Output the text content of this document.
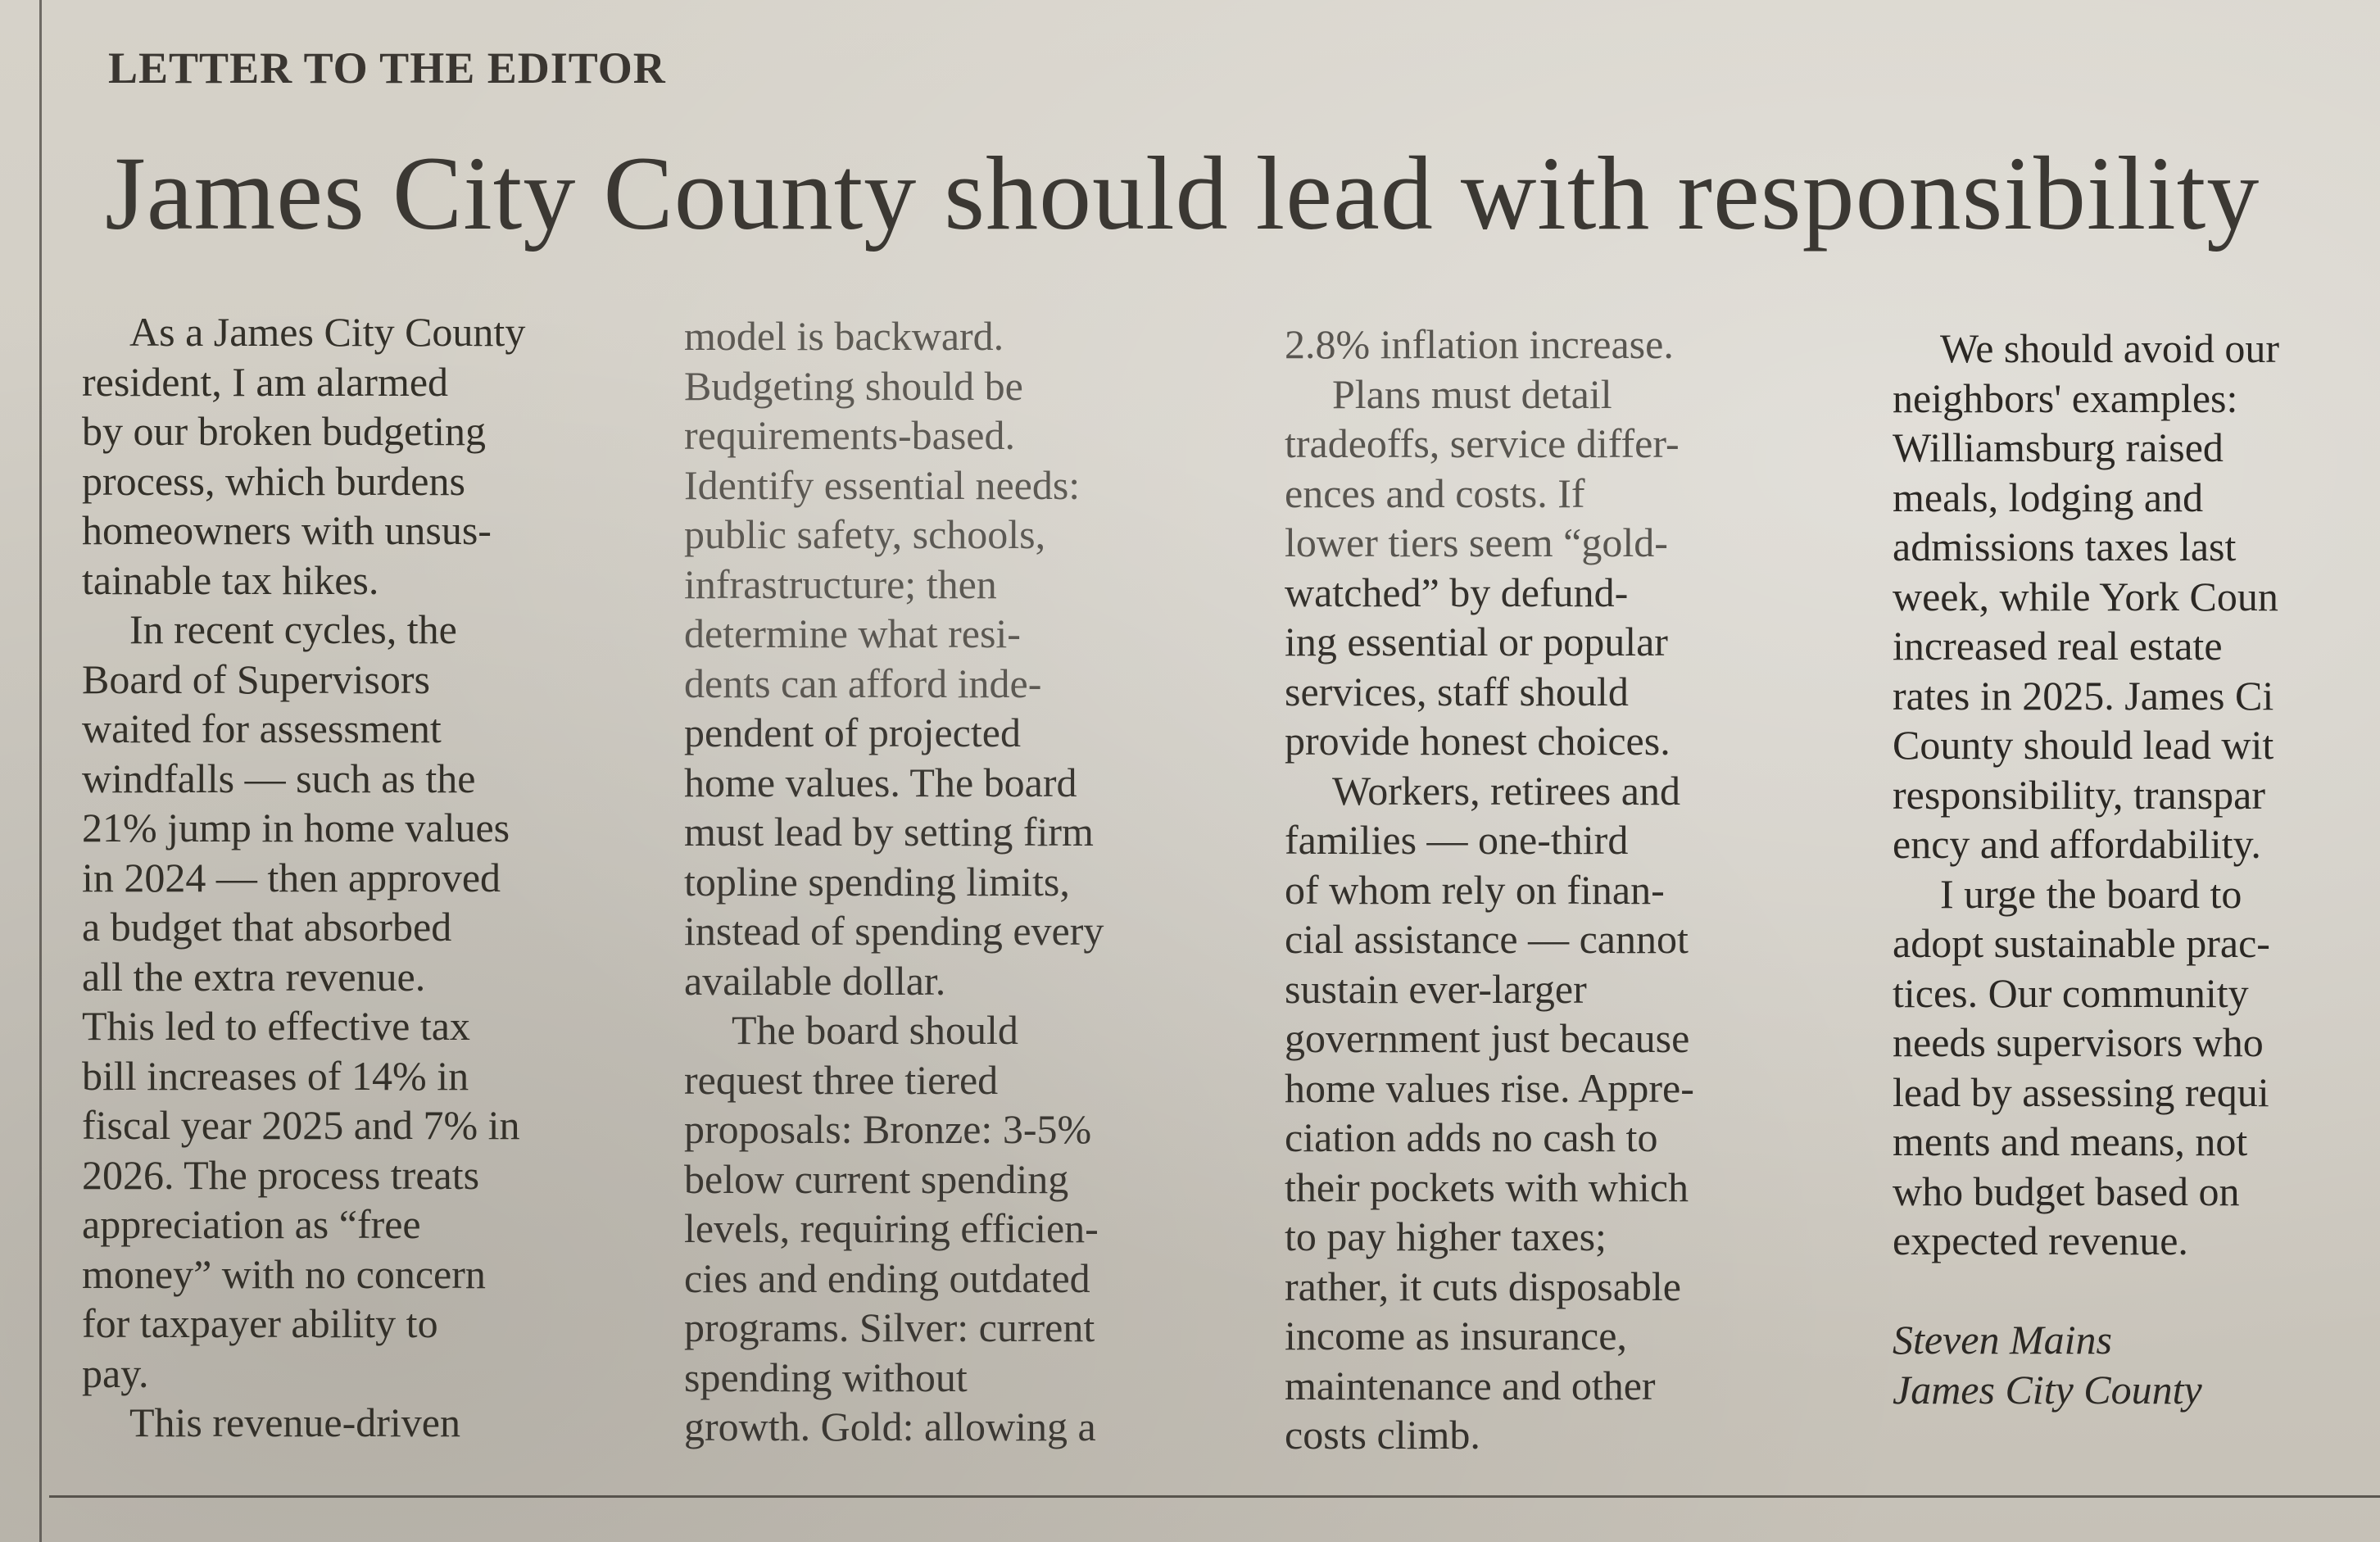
LETTER TO THE EDITOR
James City County should lead with responsibility
As a James City County
resident, I am alarmed
by our broken budgeting
process, which burdens
homeowners with unsus-
tainable tax hikes.
In recent cycles, the
Board of Supervisors
waited for assessment
windfalls — such as the
21% jump in home values
in 2024 — then approved
a budget that absorbed
all the extra revenue.
This led to effective tax
bill increases of 14% in
fiscal year 2025 and 7% in
2026. The process treats
appreciation as “free
money” with no concern
for taxpayer ability to
pay.
This revenue-driven
model is backward.
Budgeting should be
requirements-based.
Identify essential needs:
public safety, schools,
infrastructure; then
determine what resi-
dents can afford inde-
pendent of projected
home values. The board
must lead by setting firm
topline spending limits,
instead of spending every
available dollar.
The board should
request three tiered
proposals: Bronze: 3-5%
below current spending
levels, requiring efficien-
cies and ending outdated
programs. Silver: current
spending without
growth. Gold: allowing a
2.8% inflation increase.
Plans must detail
tradeoffs, service differ-
ences and costs. If
lower tiers seem “gold-
watched” by defund-
ing essential or popular
services, staff should
provide honest choices.
Workers, retirees and
families — one-third
of whom rely on finan-
cial assistance — cannot
sustain ever-larger
government just because
home values rise. Appre-
ciation adds no cash to
their pockets with which
to pay higher taxes;
rather, it cuts disposable
income as insurance,
maintenance and other
costs climb.
We should avoid our
neighbors' examples:
Williamsburg raised
meals, lodging and
admissions taxes last
week, while York Coun
increased real estate
rates in 2025. James Ci
County should lead wit
responsibility, transpar
ency and affordability.
I urge the board to
adopt sustainable prac-
tices. Our community
needs supervisors who
lead by assessing requi
ments and means, not
who budget based on
expected revenue.
Steven Mains
James City County
